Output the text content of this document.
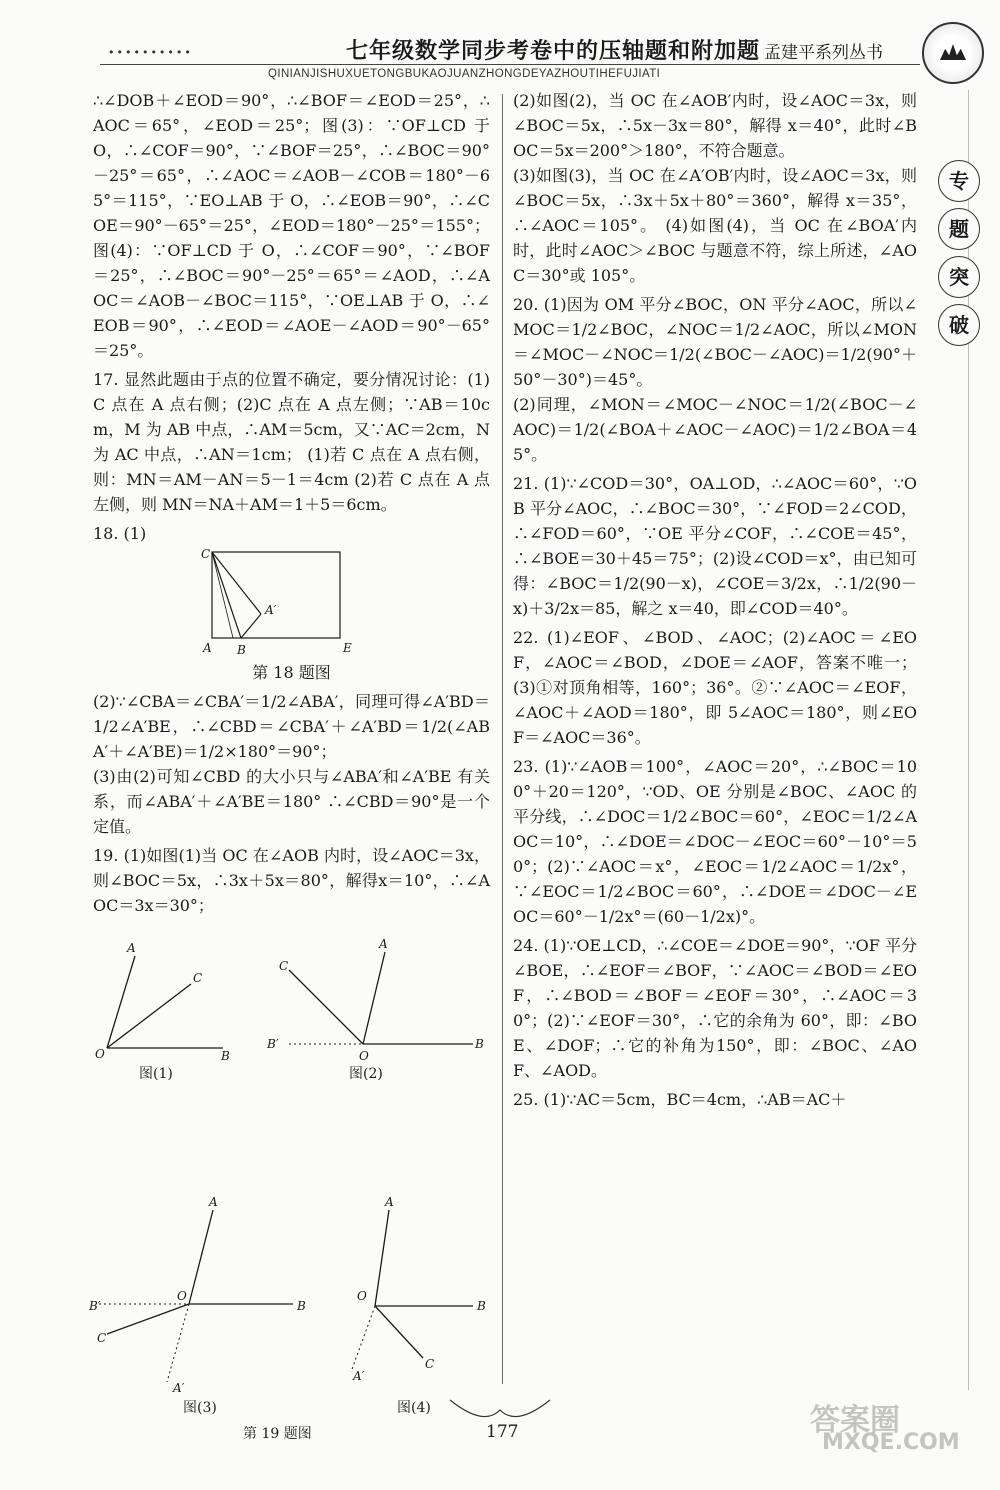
••••••••••	七年级数学同步考卷中的压轴题和附加题 孟建平系列丛书
QINIANJISHUXUETONGBUKAOJUANZHONGDEYAZHOUTIHEFUJIATI
专
题
突
破

∴∠DOB＋∠EOD＝90°，∴∠BOF＝∠EOD＝25°，∴AOC＝65°，∠EOD＝25°；图(3)：∵OF⊥CD 于 O，∴∠COF＝90°，∵∠BOF＝25°，∴∠BOC＝90°－25°＝65°，∴∠AOC＝∠AOB－∠COB＝180°－65°＝115°，∵EO⊥AB 于 O，∴∠EOB＝90°，∴∠COE＝90°－65°＝25°，∠EOD＝180°－25°＝155°；图(4)：∵OF⊥CD 于 O，∴∠COF＝90°，∵∠BOF＝25°，∴∠BOC＝90°－25°＝65°＝∠AOD，∴∠AOC＝∠AOB－∠BOC＝115°，∵OE⊥AB 于 O，∴∠EOB＝90°，∴∠EOD＝∠AOE－∠AOD＝90°－65°＝25°。

17. 显然此题由于点的位置不确定，要分情况讨论：(1)C 点在 A 点右侧；(2)C 点在 A 点左侧；∵AB＝10cm，M 为 AB 中点，∴AM＝5cm，又∵AC＝2cm，N 为 AC 中点，∴AN＝1cm； (1)若 C 点在 A 点右侧，则：MN＝AM－AN＝5－1＝4cm (2)若 C 点在 A 点左侧，则 MN＝NA＋AM＝1＋5＝6cm。

18. (1)

C
A′
A B	E
第 18 题图

(2)∵∠CBA＝∠CBA′＝1/2∠ABA′，同理可得∠A′BD＝1/2∠A′BE，∴∠CBD＝∠CBA′＋∠A′BD＝1/2(∠ABA′＋∠A′BE)＝1/2×180°＝90°；

(3)由(2)可知∠CBD 的大小只与∠ABA′和∠A′BE 有关系，而∠ABA′＋∠A′BE＝180° ∴∠CBD＝90°是一个定值。

19. (1)如图(1)当 OC 在∠AOB 内时，设∠AOC＝3x，则∠BOC＝5x，∴3x＋5x＝80°，解得x＝10°，∴∠AOC＝3x＝30°；

A
C
O	B
图(1)
C
A
B′
O
B
图(2)
A
O
B′	B
C
A′
图(3)
A
O
B
C
A′
图(4)
第 19 题图

(2)如图(2)，当 OC 在∠AOB′内时，设∠AOC＝3x，则∠BOC＝5x，∴5x－3x＝80°，解得 x＝40°，此时∠BOC＝5x＝200°＞180°，不符合题意。

(3)如图(3)，当 OC 在∠A′OB′内时，设∠AOC＝3x，则∠BOC＝5x，∴3x＋5x＋80°＝360°，解得 x＝35°，∴∠AOC＝105°。 (4)如图(4)，当 OC 在∠BOA′内时，此时∠AOC＞∠BOC 与题意不符，综上所述，∠AOC＝30°或 105°。

20. (1)因为 OM 平分∠BOC，ON 平分∠AOC，所以∠MOC＝1/2∠BOC，∠NOC＝1/2∠AOC，所以∠MON＝∠MOC－∠NOC＝1/2(∠BOC－∠AOC)＝1/2(90°＋50°－30°)＝45°。

(2)同理，∠MON＝∠MOC－∠NOC＝1/2(∠BOC－∠AOC)＝1/2(∠BOA＋∠AOC－∠AOC)＝1/2∠BOA＝45°。

21. (1)∵∠COD＝30°，OA⊥OD，∴∠AOC＝60°，∵OB 平分∠AOC，∴∠BOC＝30°，∵∠FOD＝2∠COD，∴∠FOD＝60°，∵OE 平分∠COF，∴∠COE＝45°，∴∠BOE＝30＋45＝75°；(2)设∠COD＝x°，由已知可得：∠BOC＝1/2(90－x)，∠COE＝3/2x，∴1/2(90－x)＋3/2x＝85，解之 x＝40，即∠COD＝40°。

22. (1)∠EOF、∠BOD、∠AOC；(2)∠AOC＝∠EOF，∠AOC＝∠BOD，∠DOE＝∠AOF，答案不唯一；(3)①对顶角相等，160°；36°。②∵∠AOC＝∠EOF，∠AOC＋∠AOD＝180°，即 5∠AOC＝180°，则∠EOF＝∠AOC＝36°。

23. (1)∵∠AOB＝100°，∠AOC＝20°，∴∠BOC＝100°＋20＝120°，∵OD、OE 分别是∠BOC、∠AOC 的平分线，∴∠DOC＝1/2∠BOC＝60°，∠EOC＝1/2∠AOC＝10°，∴∠DOE＝∠DOC－∠EOC＝60°－10°＝50°；(2)∵∠AOC＝x°，∠EOC＝1/2∠AOC＝1/2x°，∵∠EOC＝1/2∠BOC＝60°，∴∠DOE＝∠DOC－∠EOC＝60°－1/2x°＝(60－1/2x)°。

24. (1)∵OE⊥CD，∴∠COE＝∠DOE＝90°，∵OF 平分∠BOE，∴∠EOF＝∠BOF，∵∠AOC＝∠BOD＝∠EOF，∴∠BOD＝∠BOF＝∠EOF＝30°，∴∠AOC＝30°；(2)∵∠EOF＝30°，∴它的余角为 60°，即：∠BOE、∠DOF；∴它的补角为150°，即：∠BOC、∠AOF、∠AOD。

25. (1)∵AC＝5cm，BC＝4cm，∴AB＝AC＋

177	答案圈
MXQE.COM
